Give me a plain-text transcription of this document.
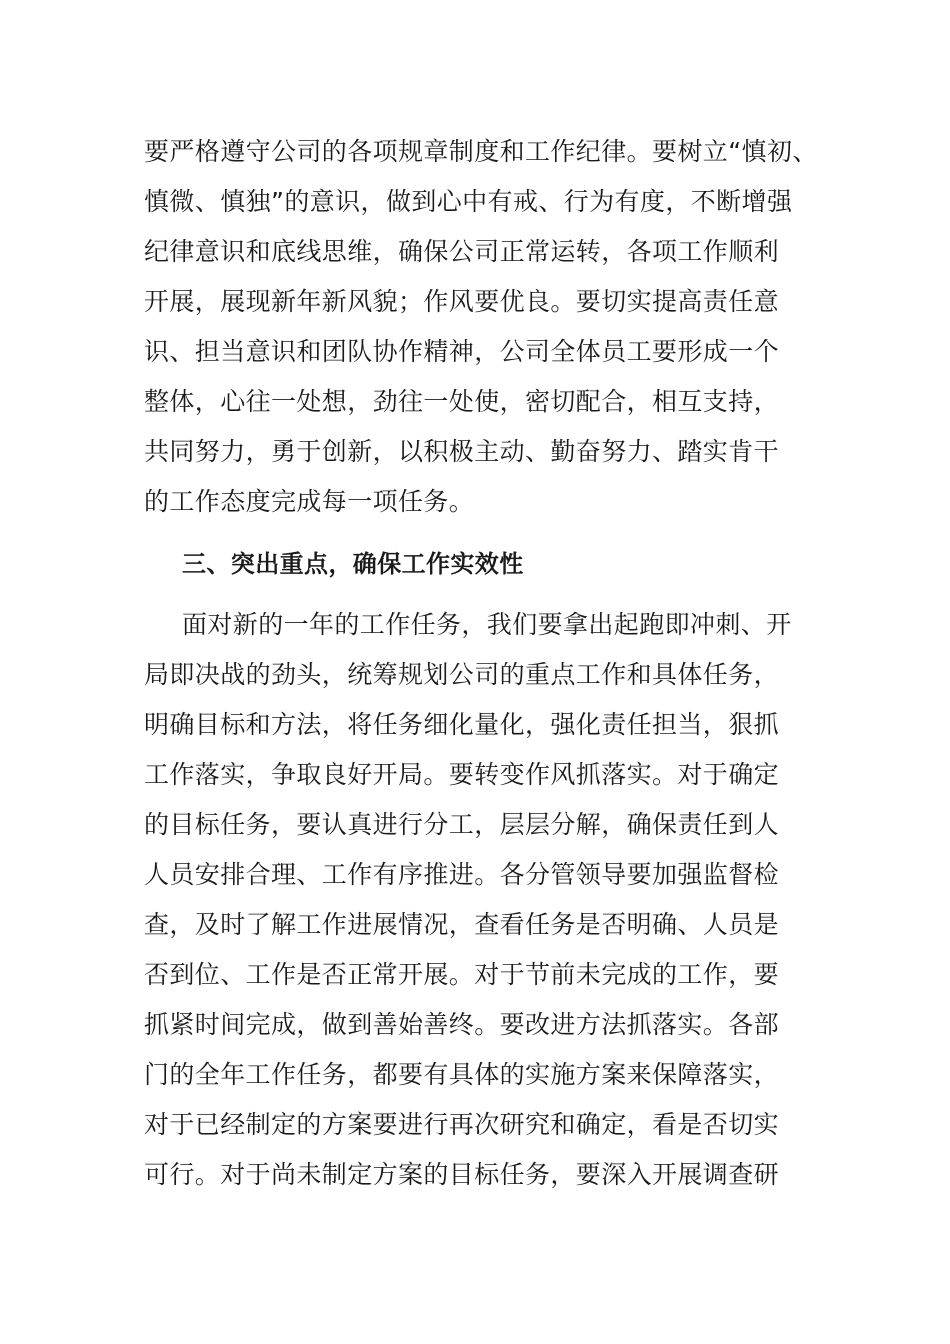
要严格遵守公司的各项规章制度和工作纪律。要树立“慎初、
慎微、慎独”的意识，做到心中有戒、行为有度，不断增强
纪律意识和底线思维，确保公司正常运转，各项工作顺利
开展，展现新年新风貌；作风要优良。要切实提高责任意
识、担当意识和团队协作精神，公司全体员工要形成一个
整体，心往一处想，劲往一处使，密切配合，相互支持，
共同努力，勇于创新，以积极主动、勤奋努力、踏实肯干
的工作态度完成每一项任务。
三、突出重点，确保工作实效性
面对新的一年的工作任务，我们要拿出起跑即冲刺、开
局即决战的劲头，统筹规划公司的重点工作和具体任务，
明确目标和方法，将任务细化量化，强化责任担当，狠抓
工作落实，争取良好开局。要转变作风抓落实。对于确定
的目标任务，要认真进行分工，层层分解，确保责任到人
人员安排合理、工作有序推进。各分管领导要加强监督检
查，及时了解工作进展情况，查看任务是否明确、人员是
否到位、工作是否正常开展。对于节前未完成的工作，要
抓紧时间完成，做到善始善终。要改进方法抓落实。各部
门的全年工作任务，都要有具体的实施方案来保障落实，
对于已经制定的方案要进行再次研究和确定，看是否切实
可行。对于尚未制定方案的目标任务，要深入开展调查研
